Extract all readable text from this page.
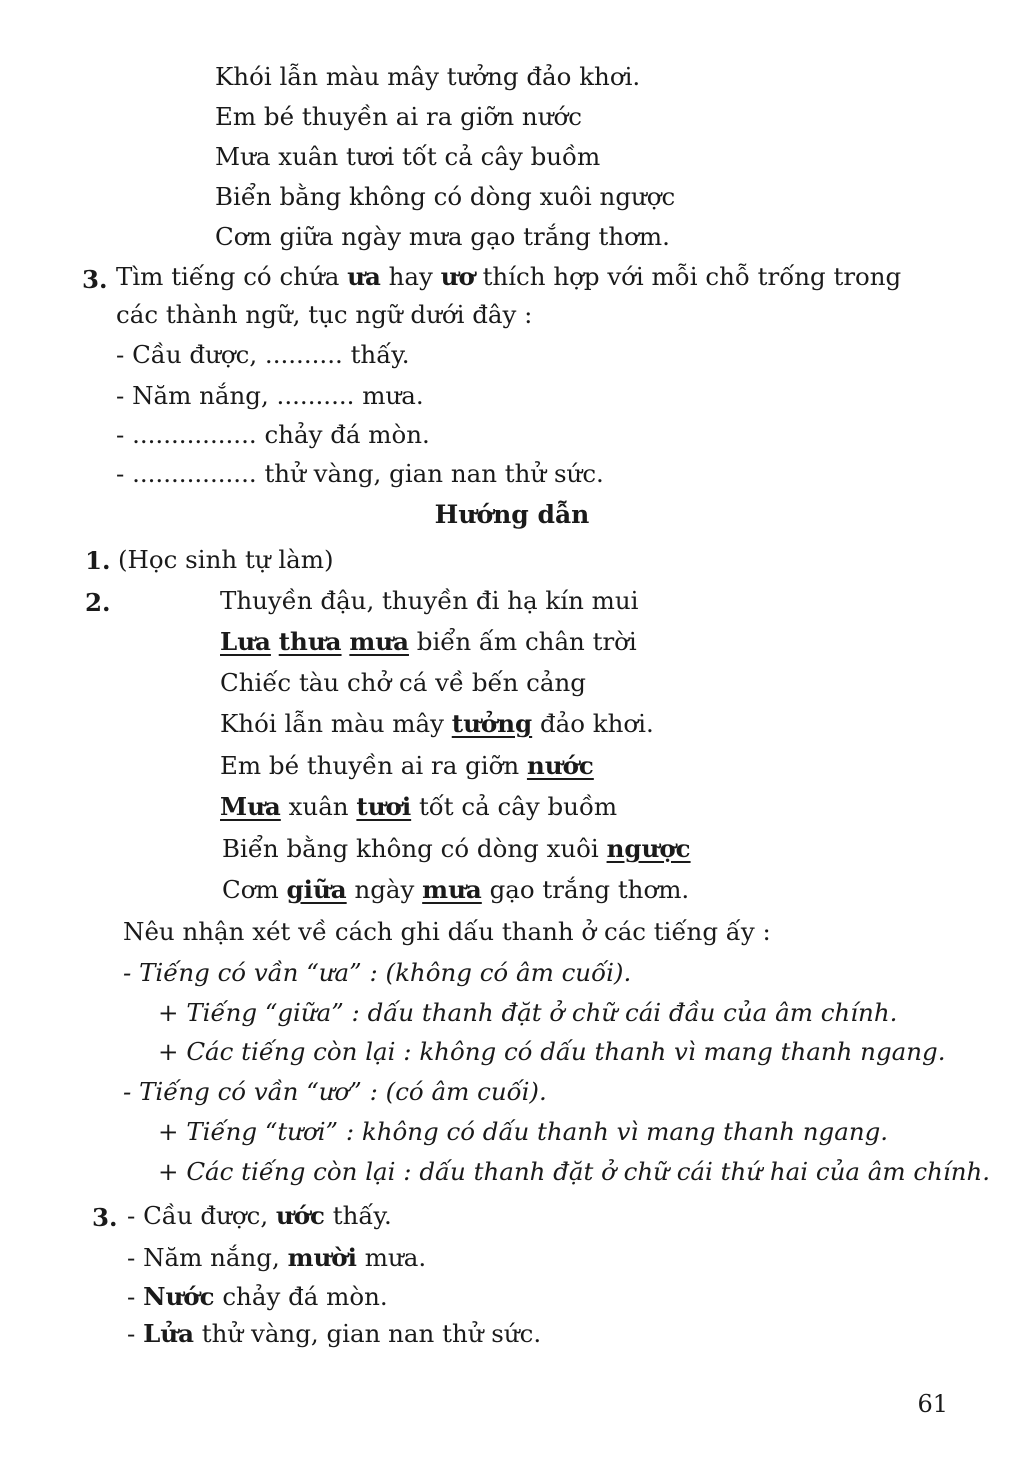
Khói lẫn màu mây tưởng đảo khơi.
Em bé thuyền ai ra giỡn nước
Mưa xuân tươi tốt cả cây buồm
Biển bằng không có dòng xuôi ngược
Cơm giữa ngày mưa gạo trắng thơm.
3. Tìm tiếng có chứa ưa hay ươ thích hợp với mỗi chỗ trống trong
các thành ngữ, tục ngữ dưới đây :
- Cầu được, .......... thấy.
- Năm nắng, .......... mưa.
- ................ chảy đá mòn.
- ................ thử vàng, gian nan thử sức.
Hướng dẫn
1. (Học sinh tự làm)
2.	Thuyền đậu, thuyền đi hạ kín mui
Lưa thưa mưa biển ấm chân trời
Chiếc tàu chở cá về bến cảng
Khói lẫn màu mây tưởng đảo khơi.
Em bé thuyền ai ra giỡn nước
Mưa xuân tươi tốt cả cây buồm
Biển bằng không có dòng xuôi ngược
Cơm giữa ngày mưa gạo trắng thơm.
Nêu nhận xét về cách ghi dấu thanh ở các tiếng ấy :
- Tiếng có vần “ưa” : (không có âm cuối).
+ Tiếng “giữa” : dấu thanh đặt ở chữ cái đầu của âm chính.
+ Các tiếng còn lại : không có dấu thanh vì mang thanh ngang.
- Tiếng có vần “ươ” : (có âm cuối).
+ Tiếng “tươi” : không có dấu thanh vì mang thanh ngang.
+ Các tiếng còn lại : dấu thanh đặt ở chữ cái thứ hai của âm chính.
3. - Cầu được, ước thấy.
- Năm nắng, mười mưa.
- Nước chảy đá mòn.
- Lửa thử vàng, gian nan thử sức.
61
